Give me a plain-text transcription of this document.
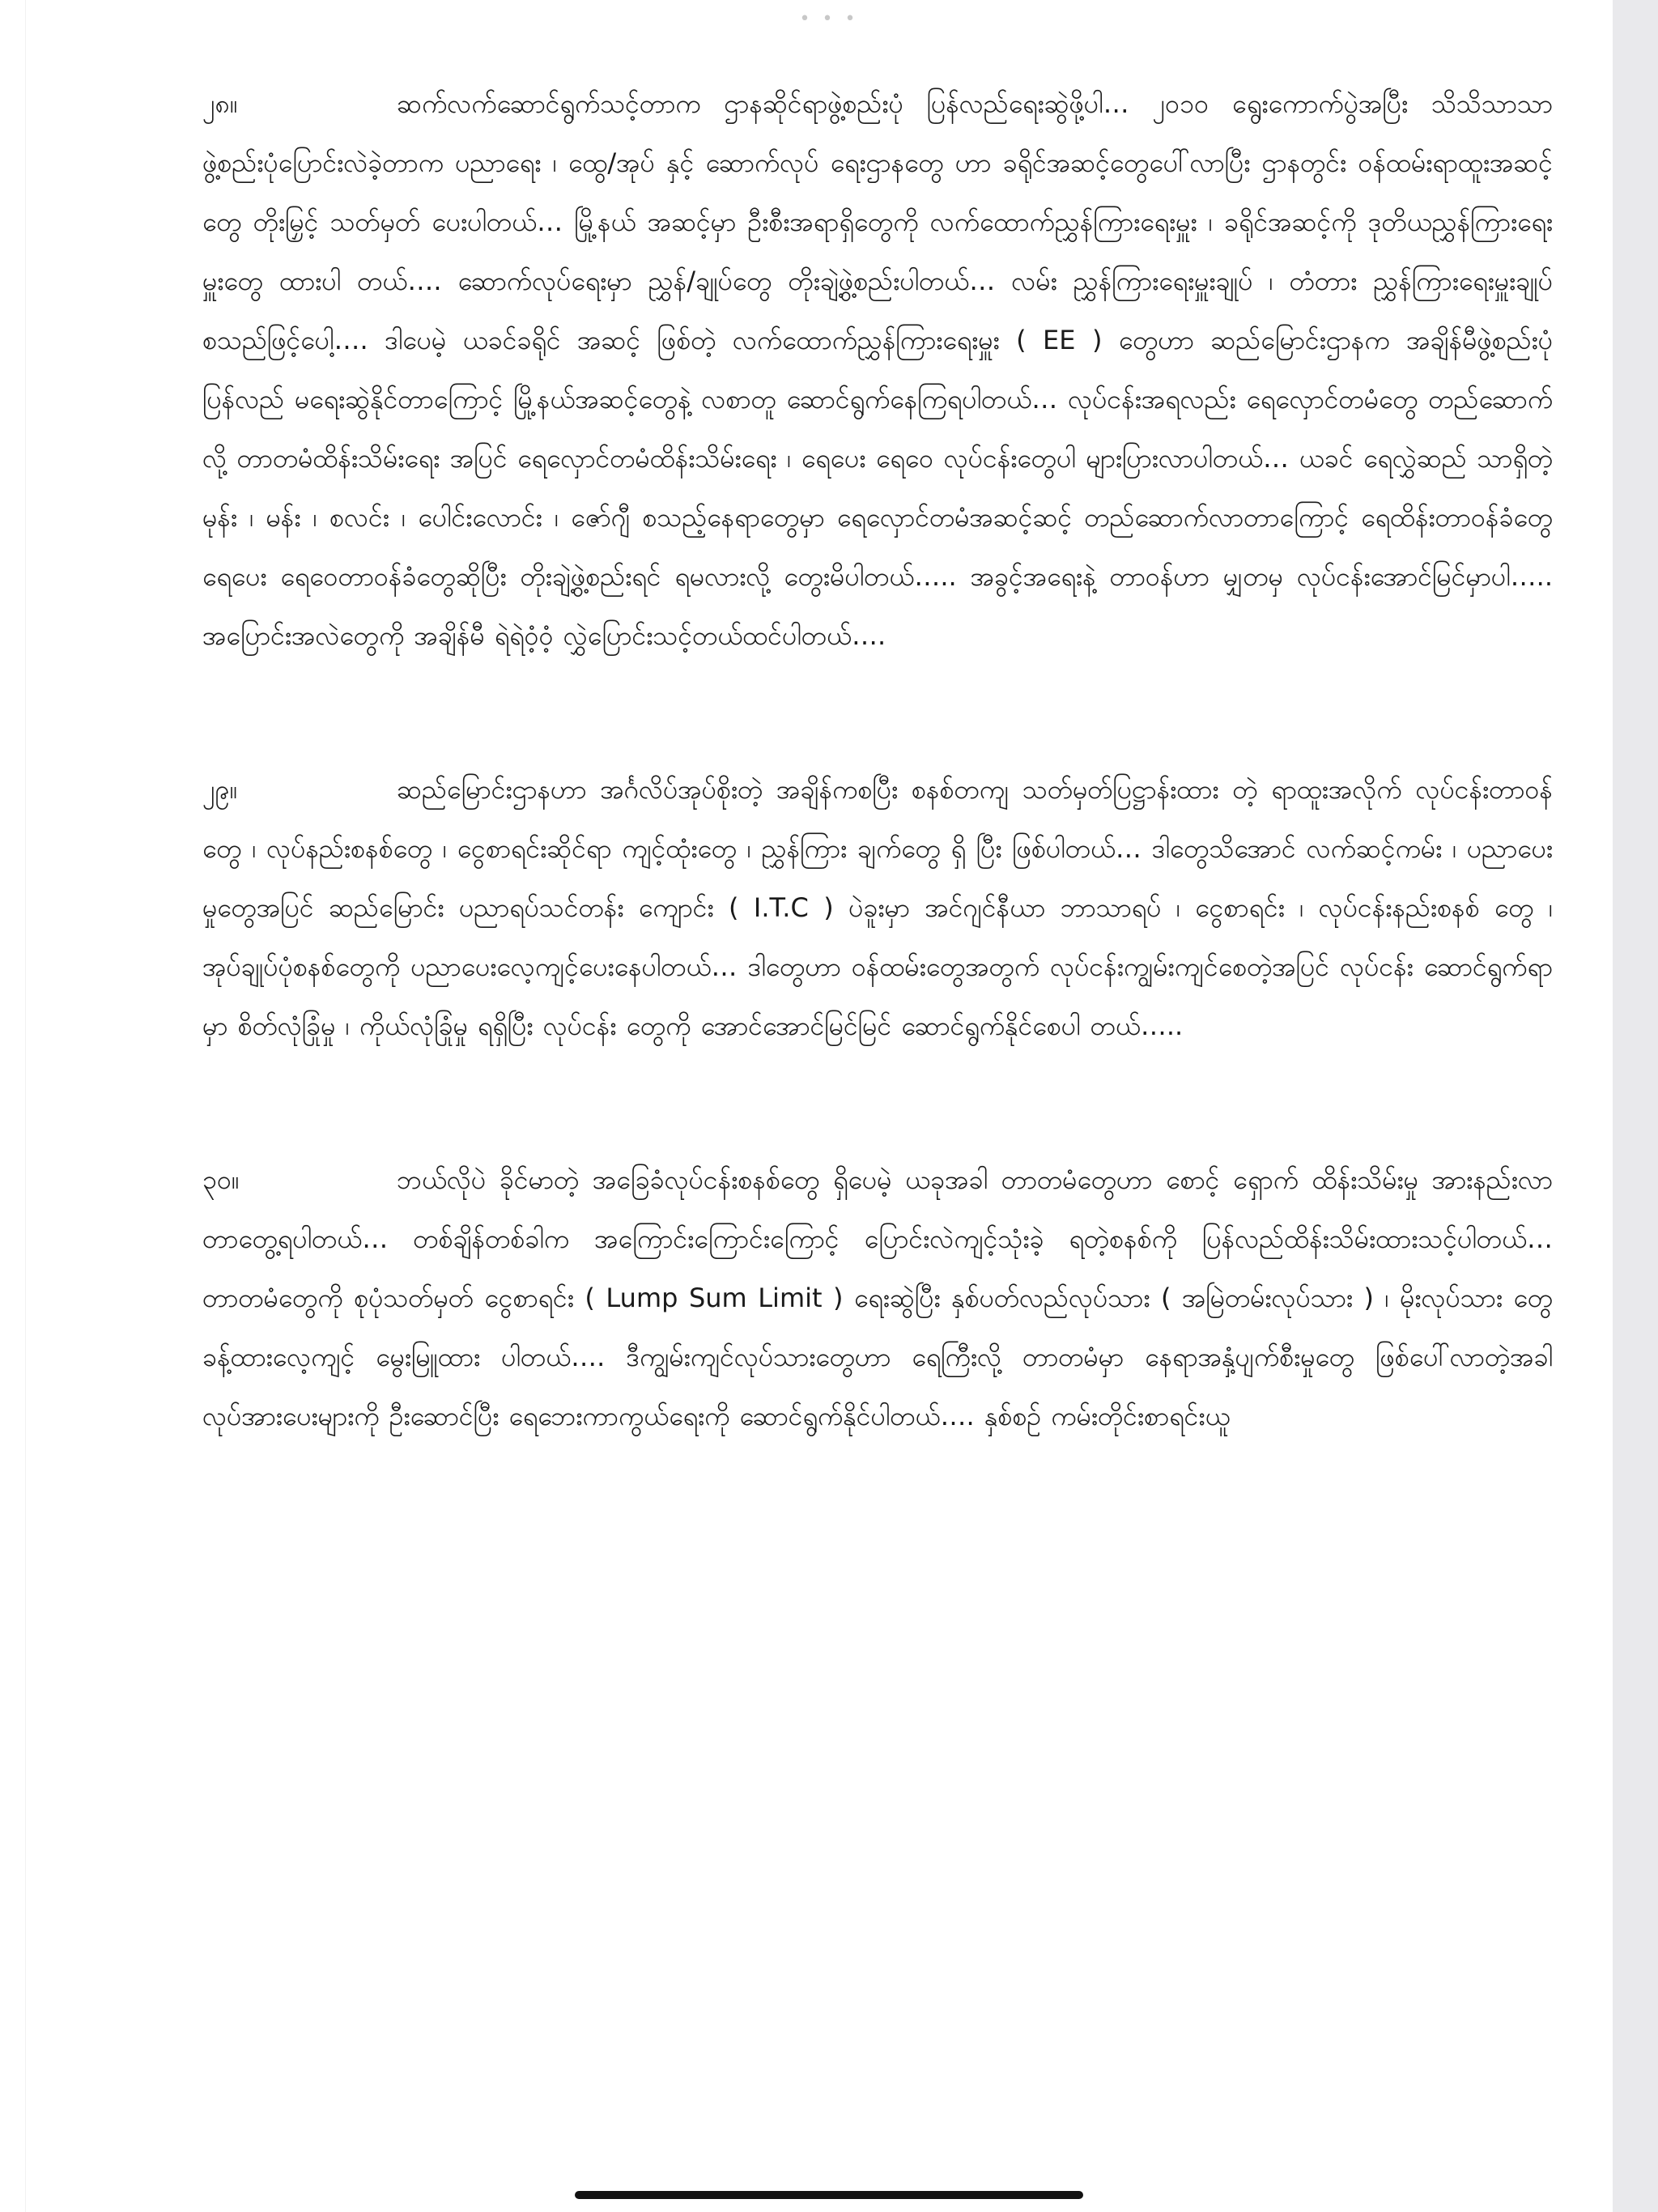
• • •

၂၈။	ဆက်လက်ဆောင်ရွက်သင့်တာက ဌာနဆိုင်ရာဖွဲ့စည်းပုံ ပြန်လည်ရေးဆွဲဖို့ပါ… ၂၀၁၀ ရွေးကောက်ပွဲအပြီး သိသိသာသာ ဖွဲ့စည်းပုံပြောင်းလဲခဲ့တာက ပညာရေး ၊ ထွေ/အုပ် နှင့် ဆောက်လုပ် ရေးဌာနတွေ ဟာ ခရိုင်အဆင့်တွေပေါ်လာပြီး ဌာနတွင်း ဝန်ထမ်းရာထူးအဆင့်တွေ တိုးမြှင့် သတ်မှတ် ပေးပါတယ်… မြို့နယ် အဆင့်မှာ ဦးစီးအရာရှိတွေကို လက်ထောက်ညွှန်ကြားရေးမှူး ၊ ခရိုင်အဆင့်ကို ဒုတိယညွှန်ကြားရေးမှူးတွေ ထားပါ တယ်…. ဆောက်လုပ်ရေးမှာ ညွှန်/ချုပ်တွေ တိုးချဲ့ဖွဲ့စည်းပါတယ်… လမ်း ညွှန်ကြားရေးမှူးချုပ် ၊ တံတား ညွှန်ကြားရေးမှူးချုပ် စသည်ဖြင့်ပေါ့…. ဒါပေမဲ့ ယခင်ခရိုင် အဆင့် ဖြစ်တဲ့ လက်ထောက်ညွှန်ကြားရေးမှူး ( EE ) တွေဟာ ဆည်မြောင်းဌာနက အချိန်မီဖွဲ့စည်းပုံ ပြန်လည် မရေးဆွဲနိုင်တာကြောင့် မြို့နယ်အဆင့်တွေနဲ့ လစာတူ ဆောင်ရွက်နေကြရပါတယ်… လုပ်ငန်းအရလည်း ရေလှောင်တမံတွေ တည်ဆောက်လို့ တာတမံထိန်းသိမ်းရေး အပြင် ရေလှောင်တမံထိန်းသိမ်းရေး ၊ ရေပေး ရေဝေ လုပ်ငန်းတွေပါ များပြားလာပါတယ်… ယခင် ရေလွှဲဆည် သာရှိတဲ့ မုန်း ၊ မန်း ၊ စလင်း ၊ ပေါင်းလောင်း ၊ ဇော်ဂျီ စသည့်နေရာတွေမှာ ရေလှောင်တမံအဆင့်ဆင့် တည်ဆောက်လာတာကြောင့် ရေထိန်းတာဝန်ခံတွေ ရေပေး ရေဝေတာဝန်ခံတွေဆိုပြီး တိုးချဲ့ဖွဲ့စည်းရင် ရမလားလို့ တွေးမိပါတယ်….. အခွင့်အရေးနဲ့ တာဝန်ဟာ မျှတမှ လုပ်ငန်းအောင်မြင်မှာပါ….. အပြောင်းအလဲတွေကို အချိန်မီ ရဲရဲဝံ့ဝံ့ လွှဲပြောင်းသင့်တယ်ထင်ပါတယ်….

၂၉။	ဆည်မြောင်းဌာနဟာ အင်္ဂလိပ်အုပ်စိုးတဲ့ အချိန်ကစပြီး စနစ်တကျ သတ်မှတ်ပြဋ္ဌာန်းထား တဲ့ ရာထူးအလိုက် လုပ်ငန်းတာဝန်တွေ ၊ လုပ်နည်းစနစ်တွေ ၊ ငွေစာရင်းဆိုင်ရာ ကျင့်ထုံးတွေ ၊ ညွှန်ကြား ချက်တွေ ရှိ ပြီး ဖြစ်ပါတယ်… ဒါတွေသိအောင် လက်ဆင့်ကမ်း ၊ ပညာပေးမှုတွေအပြင် ဆည်မြောင်း ပညာရပ်သင်တန်း ကျောင်း ( I.T.C ) ပဲခူးမှာ အင်ဂျင်နီယာ ဘာသာရပ် ၊ ငွေစာရင်း ၊ လုပ်ငန်းနည်းစနစ် တွေ ၊ အုပ်ချုပ်ပုံစနစ်တွေကို ပညာပေးလေ့ကျင့်ပေးနေပါတယ်… ဒါတွေဟာ ဝန်ထမ်းတွေအတွက် လုပ်ငန်းကျွမ်းကျင်စေတဲ့အပြင် လုပ်ငန်း ဆောင်ရွက်ရာမှာ စိတ်လုံခြုံမှု ၊ ကိုယ်လုံခြုံမှု ရရှိပြီး လုပ်ငန်း တွေကို အောင်အောင်မြင်မြင် ဆောင်ရွက်နိုင်စေပါ တယ်…..

၃၀။	ဘယ်လိုပဲ ခိုင်မာတဲ့ အခြေခံလုပ်ငန်းစနစ်တွေ ရှိပေမဲ့ ယခုအခါ တာတမံတွေဟာ စောင့် ရှောက် ထိန်းသိမ်းမှု အားနည်းလာတာတွေ့ရပါတယ်… တစ်ချိန်တစ်ခါက အကြောင်းကြောင်းကြောင့် ပြောင်းလဲကျင့်သုံးခဲ့ ရတဲ့စနစ်ကို ပြန်လည်ထိန်းသိမ်းထားသင့်ပါတယ်… တာတမံတွေကို စုပုံသတ်မှတ် ငွေစာရင်း ( Lump Sum Limit ) ရေးဆွဲပြီး နှစ်ပတ်လည်လုပ်သား ( အမြဲတမ်းလုပ်သား ) ၊ မိုးလုပ်သား တွေ ခန့်ထားလေ့ကျင့် မွေးမြူထား ပါတယ်…. ဒီကျွမ်းကျင်လုပ်သားတွေဟာ ရေကြီးလို့ တာတမံမှာ နေရာအနှံ့ပျက်စီးမှုတွေ ဖြစ်ပေါ်လာတဲ့အခါ လုပ်အားပေးများကို ဦးဆောင်ပြီး ရေဘေးကာကွယ်ရေးကို ဆောင်ရွက်နိုင်ပါတယ်…. နှစ်စဉ် ကမ်းတိုင်းစာရင်းယူ
